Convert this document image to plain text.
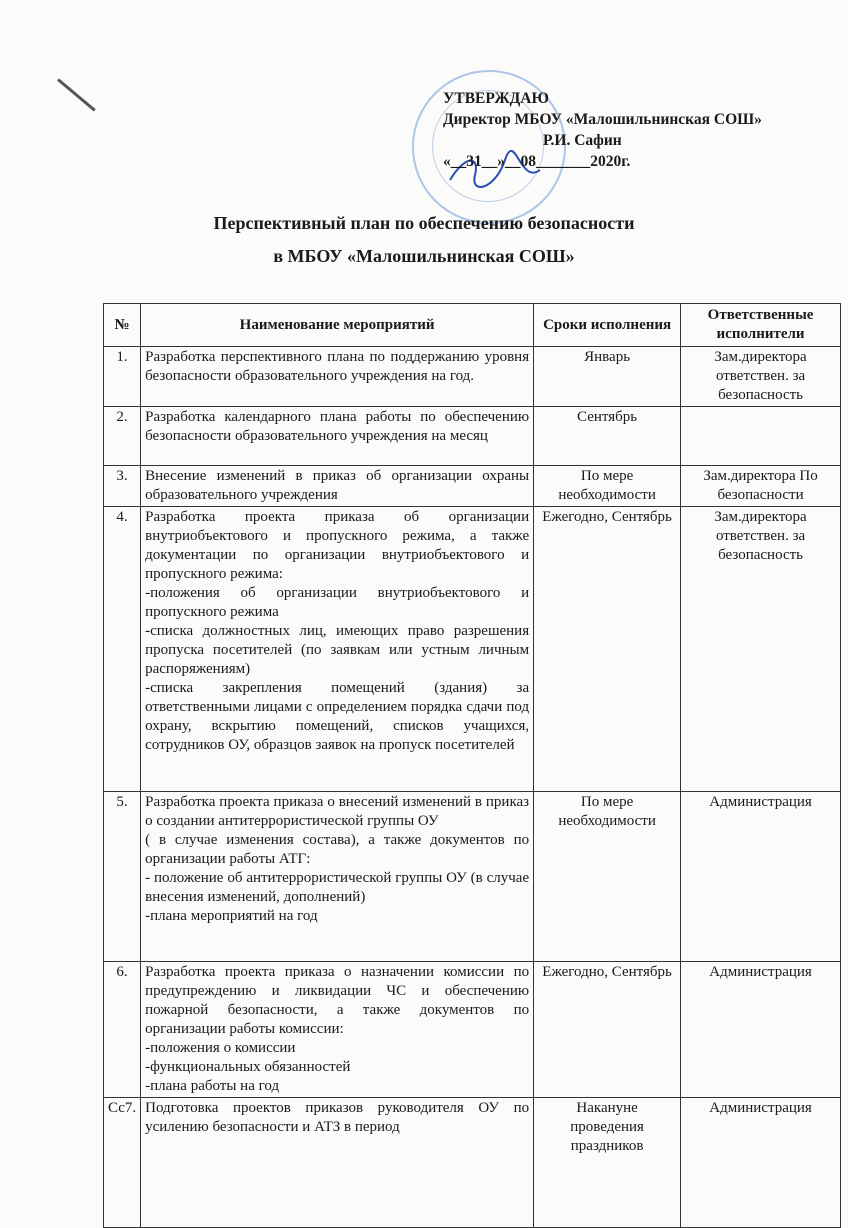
УТВЕРЖДАЮ
Директор МБОУ «Малошильнинская СОШ»
Р.И. Сафин
«__31__»__08_______2020г.
Перспективный план по обеспечению безопасности
в МБОУ «Малошильнинская СОШ»
№	Наименование мероприятий	Сроки исполнения	Ответственные исполнители
1.	Разработка перспективного плана по поддержанию уровня безопасности образовательного учреждения на год.	Январь	Зам.директора ответствен. за безопасность
2.	Разработка календарного плана работы по обеспечению безопасности образовательного учреждения на месяц	Сентябрь	
3.	Внесение изменений в приказ об организации охраны образовательного учреждения	По мере необходимости	Зам.директора По безопасности
4.	Разработка проекта приказа об организации внутриобъектового и пропускного режима, а также документации по организации внутриобъектового и пропускного режима:
-положения об организации внутриобъектового и пропускного режима
-списка должностных лиц, имеющих право разрешения пропуска посетителей (по заявкам или устным личным распоряжениям)
-списка закрепления помещений (здания) за ответственными лицами с определением порядка сдачи под охрану, вскрытию помещений, списков учащихся, сотрудников ОУ, образцов заявок на пропуск посетителей	Ежегодно, Сентябрь	Зам.директора ответствен. за безопасность
5.	Разработка проекта приказа о внесений изменений в приказ о создании антитеррористической группы ОУ
( в случае изменения состава), а также документов по организации работы АТГ:
- положение об антитеррористической группы ОУ (в случае внесения изменений, дополнений)
-плана мероприятий на год	По мере необходимости	Администрация
6.	Разработка проекта приказа о назначении комиссии по предупреждению и ликвидации ЧС и обеспечению пожарной безопасности, а также документов по организации работы комиссии:
-положения о комиссии
-функциональных обязанностей
-плана работы на год	Ежегодно, Сентябрь	Администрация
Сс7.	Подготовка проектов приказов руководителя ОУ по усилению безопасности и АТЗ в период	Накануне проведения праздников	Администрация
